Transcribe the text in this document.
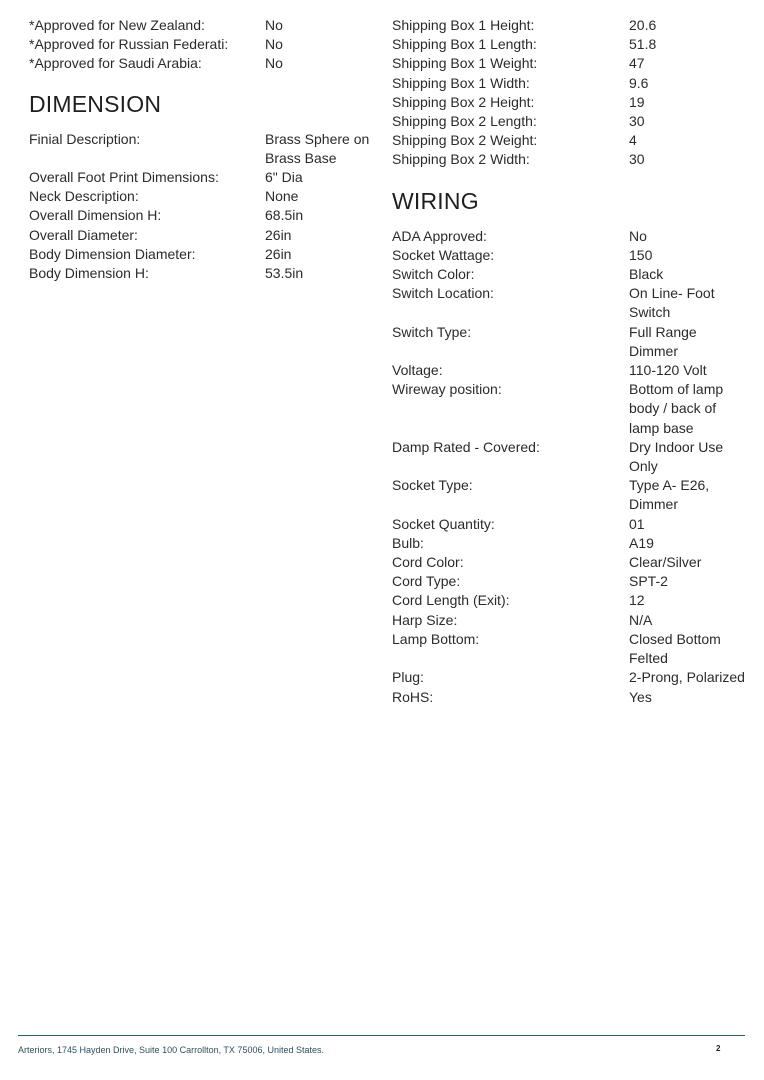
*Approved for New Zealand:	No
*Approved for Russian Federati:	No
*Approved for Saudi Arabia:	No
DIMENSION
Finial Description:	Brass Sphere on Brass Base
Overall Foot Print Dimensions:	6" Dia
Neck Description:	None
Overall Dimension H:	68.5in
Overall Diameter:	26in
Body Dimension Diameter:	26in
Body Dimension H:	53.5in
Shipping Box 1 Height:	20.6
Shipping Box 1 Length:	51.8
Shipping Box 1 Weight:	47
Shipping Box 1 Width:	9.6
Shipping Box 2 Height:	19
Shipping Box 2 Length:	30
Shipping Box 2 Weight:	4
Shipping Box 2 Width:	30
WIRING
ADA Approved:	No
Socket Wattage:	150
Switch Color:	Black
Switch Location:	On Line- Foot Switch
Switch Type:	Full Range Dimmer
Voltage:	110-120 Volt
Wireway position:	Bottom of lamp body / back of lamp base
Damp Rated - Covered:	Dry Indoor Use Only
Socket Type:	Type A- E26, Dimmer
Socket Quantity:	01
Bulb:	A19
Cord Color:	Clear/Silver
Cord Type:	SPT-2
Cord Length (Exit):	12
Harp Size:	N/A
Lamp Bottom:	Closed Bottom Felted
Plug:	2-Prong, Polarized
RoHS:	Yes
Arteriors, 1745 Hayden Drive, Suite 100 Carrollton, TX 75006, United States.	2
